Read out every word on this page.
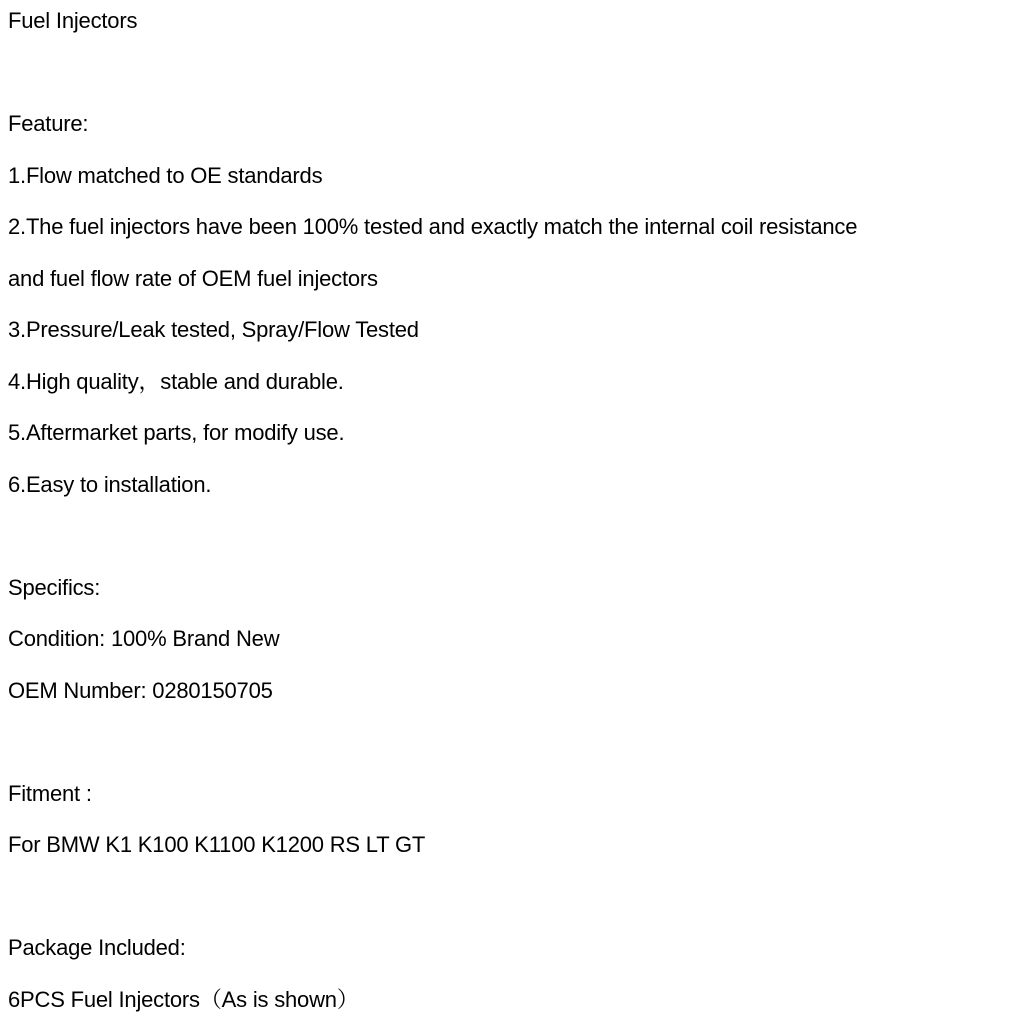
Fuel Injectors
Feature:
1.Flow matched to OE standards
2.The fuel injectors have been 100% tested and exactly match the internal coil resistance
and fuel flow rate of OEM fuel injectors
3.Pressure/Leak tested, Spray/Flow Tested
4.High quality，stable and durable.
5.Aftermarket parts, for modify use.
6.Easy to installation.
Specifics:
Condition: 100% Brand New
OEM Number: 0280150705
Fitment :
For BMW K1 K100 K1100 K1200 RS LT GT
Package Included:
6PCS Fuel Injectors（As is shown）
